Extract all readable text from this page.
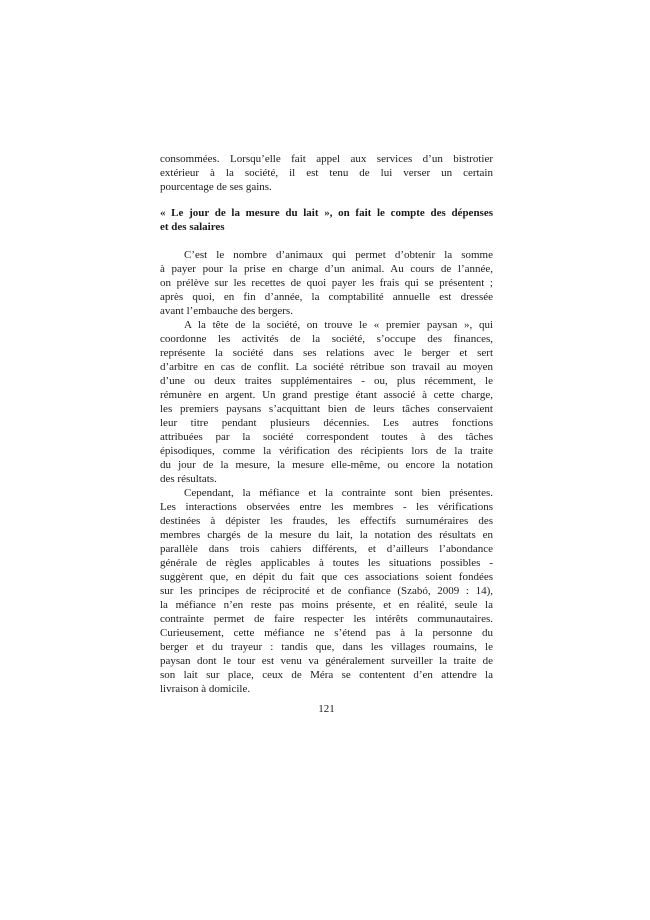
consommées. Lorsqu’elle fait appel aux services d’un bistrotier
extérieur à la société, il est tenu de lui verser un certain
pourcentage de ses gains.
« Le jour de la mesure du lait », on fait le compte des dépenses
et des salaires
C’est le nombre d’animaux qui permet d’obtenir la somme
à payer pour la prise en charge d’un animal. Au cours de l’année,
on prélève sur les recettes de quoi payer les frais qui se présentent ;
après quoi, en fin d’année, la comptabilité annuelle est dressée
avant l’embauche des bergers.
A la tête de la société, on trouve le « premier paysan », qui
coordonne les activités de la société, s’occupe des finances,
représente la société dans ses relations avec le berger et sert
d’arbitre en cas de conflit. La société rétribue son travail au moyen
d’une ou deux traites supplémentaires - ou, plus récemment, le
rémunère en argent. Un grand prestige étant associé à cette charge,
les premiers paysans s’acquittant bien de leurs tâches conservaient
leur titre pendant plusieurs décennies. Les autres fonctions
attribuées par la société correspondent toutes à des tâches
épisodiques, comme la vérification des récipients lors de la traite
du jour de la mesure, la mesure elle-même, ou encore la notation
des résultats.
Cependant, la méfiance et la contrainte sont bien présentes.
Les interactions observées entre les membres - les vérifications
destinées à dépister les fraudes, les effectifs surnuméraires des
membres chargés de la mesure du lait, la notation des résultats en
parallèle dans trois cahiers différents, et d’ailleurs l’abondance
générale de règles applicables à toutes les situations possibles -
suggèrent que, en dépit du fait que ces associations soient fondées
sur les principes de réciprocité et de confiance (Szabó, 2009 : 14),
la méfiance n’en reste pas moins présente, et en réalité, seule la
contrainte permet de faire respecter les intérêts communautaires.
Curieusement, cette méfiance ne s’étend pas à la personne du
berger et du trayeur : tandis que, dans les villages roumains, le
paysan dont le tour est venu va généralement surveiller la traite de
son lait sur place, ceux de Méra se contentent d’en attendre la
livraison à domicile.
121
